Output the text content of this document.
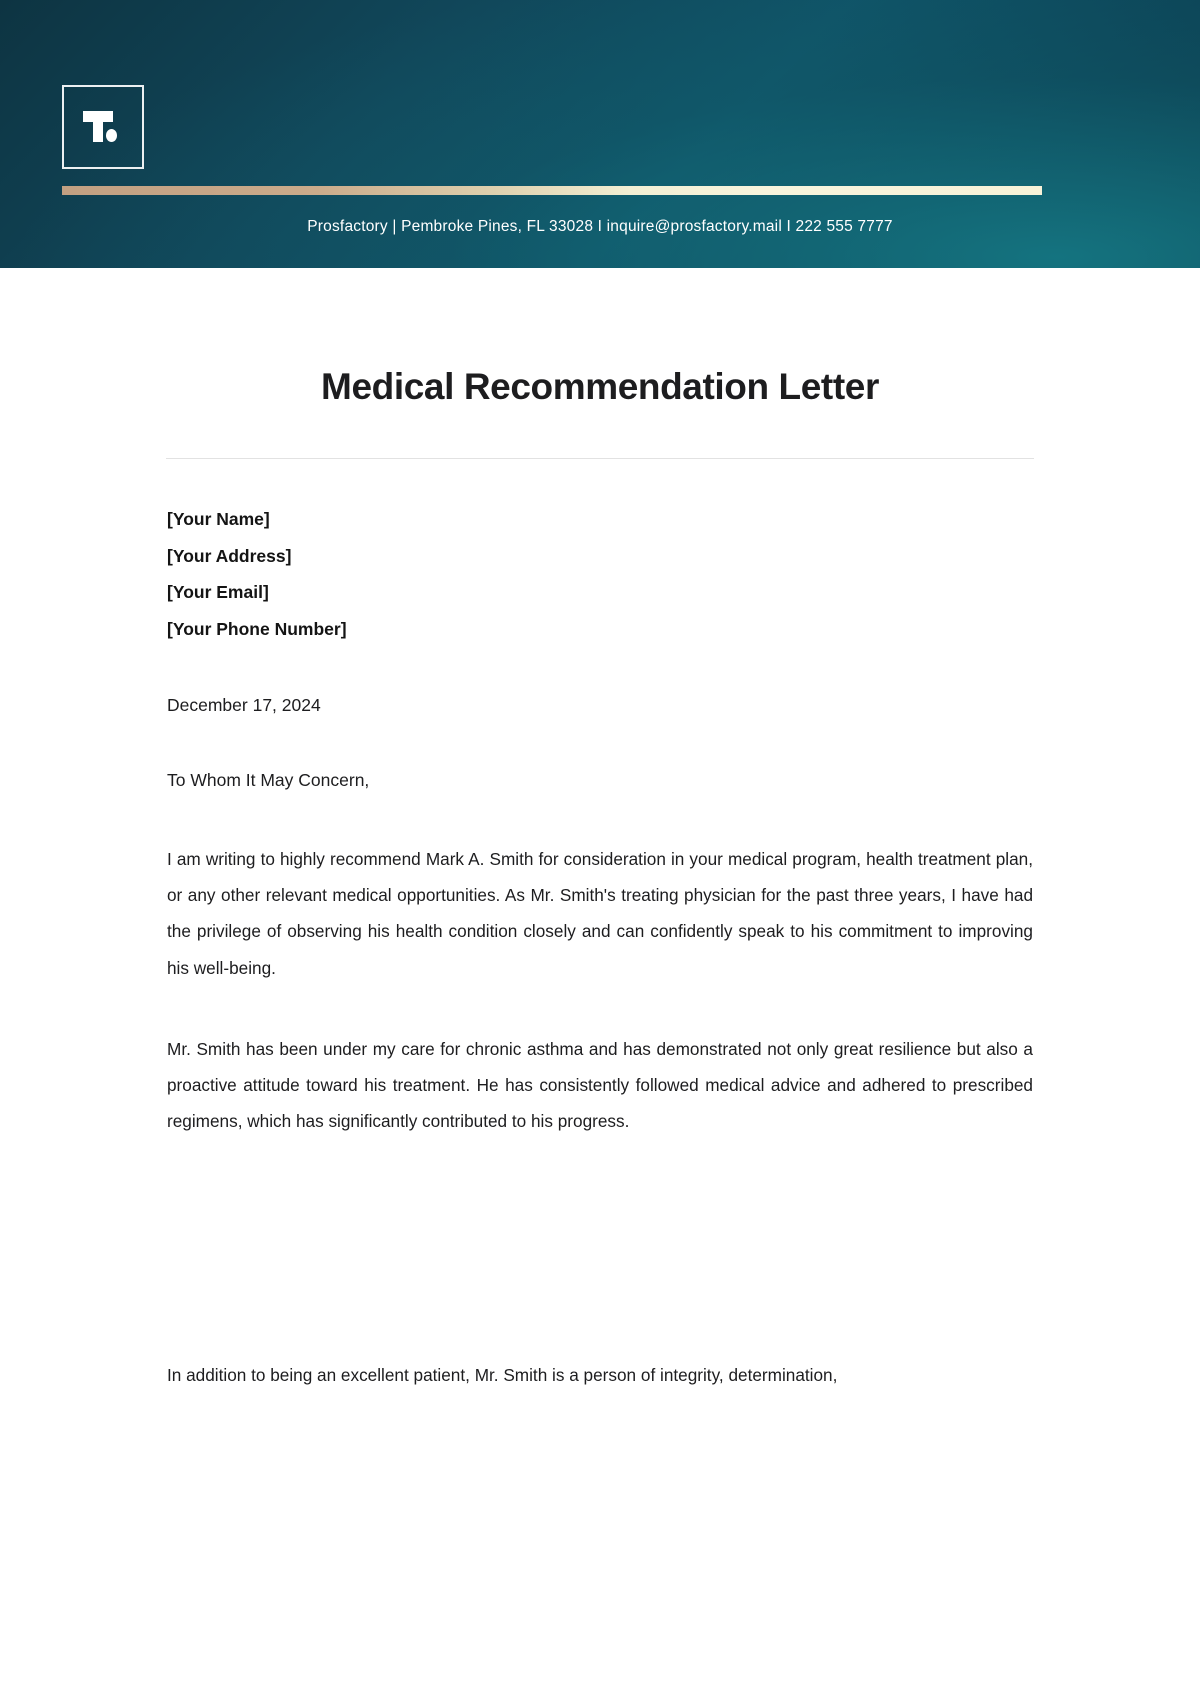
Prosfactory | Pembroke Pines, FL 33028 I inquire@prosfactory.mail I 222 555 7777
Medical Recommendation Letter
[Your Name]
[Your Address]
[Your Email]
[Your Phone Number]
December 17, 2024
To Whom It May Concern,

I am writing to highly recommend Mark A. Smith for consideration in your medical program, health treatment plan, or any other relevant medical opportunities. As Mr. Smith's treating physician for the past three years, I have had the privilege of observing his health condition closely and can confidently speak to his commitment to improving his well-being.

Mr. Smith has been under my care for chronic asthma and has demonstrated not only great resilience but also a proactive attitude toward his treatment. He has consistently followed medical advice and adhered to prescribed regimens, which has significantly contributed to his progress.

In addition to being an excellent patient, Mr. Smith is a person of integrity, determination,
